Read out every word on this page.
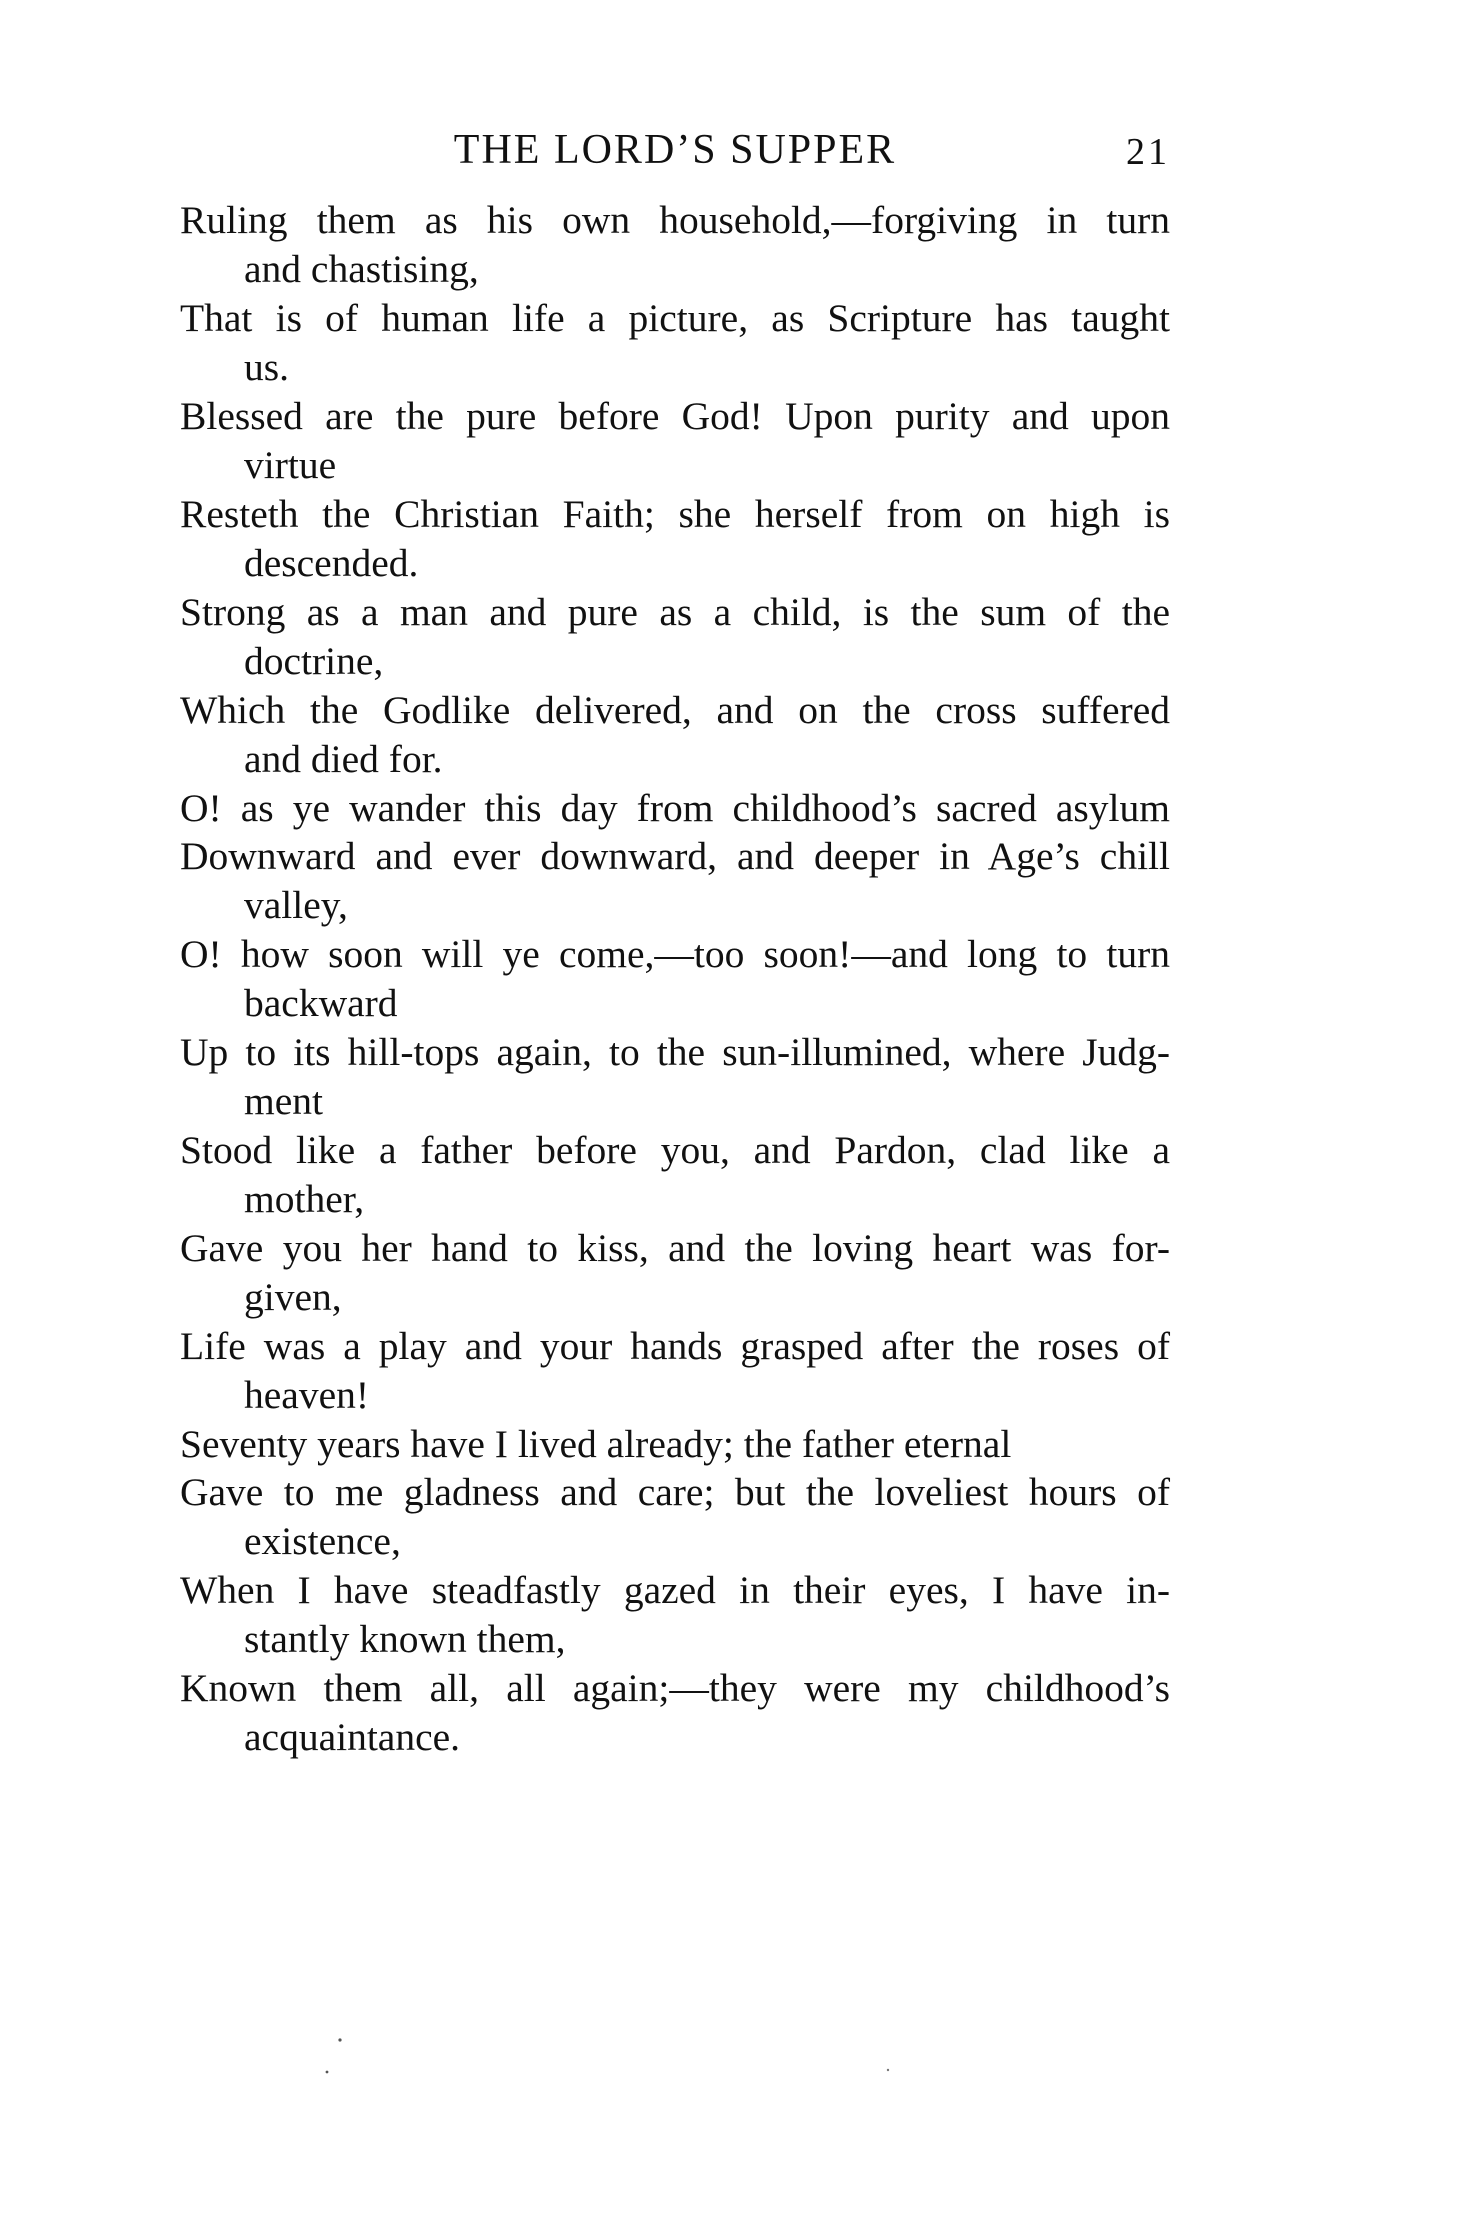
THE LORD’S SUPPER	21
Ruling them as his own household,—forgiving in turn
and chastising,
That is of human life a picture, as Scripture has taught
us.
Blessed are the pure before God! Upon purity and upon
virtue
Resteth the Christian Faith; she herself from on high is
descended.
Strong as a man and pure as a child, is the sum of the
doctrine,
Which the Godlike delivered, and on the cross suffered
and died for.
O! as ye wander this day from childhood’s sacred asylum
Downward and ever downward, and deeper in Age’s chill
valley,
O! how soon will ye come,—too soon!—and long to turn
backward
Up to its hill-tops again, to the sun-illumined, where Judg-
ment
Stood like a father before you, and Pardon, clad like a
mother,
Gave you her hand to kiss, and the loving heart was for-
given,
Life was a play and your hands grasped after the roses of
heaven!
Seventy years have I lived already; the father eternal
Gave to me gladness and care; but the loveliest hours of
existence,
When I have steadfastly gazed in their eyes, I have in-
stantly known them,
Known them all, all again;—they were my childhood’s
acquaintance.
